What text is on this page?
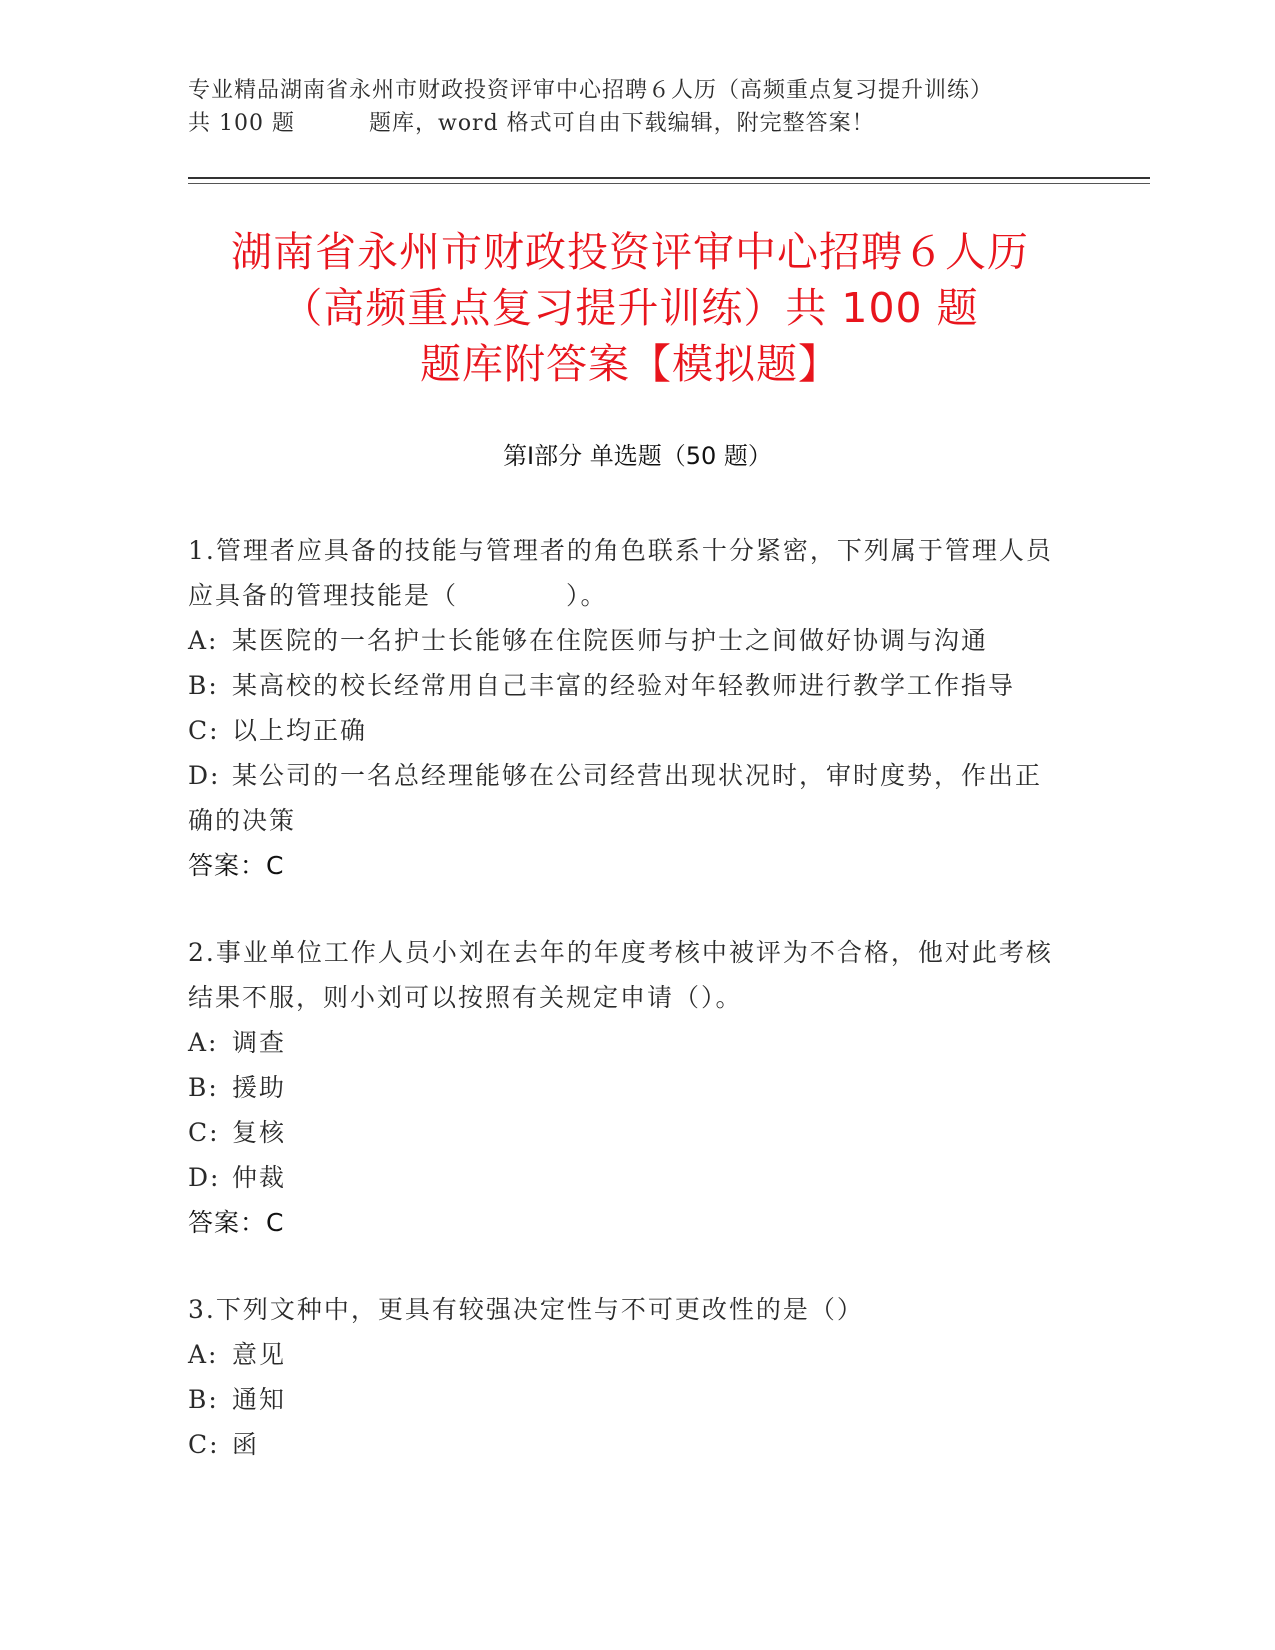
专业精品湖南省永州市财政投资评审中心招聘６人历（高频重点复习提升训练）
共 100 题	题库，word 格式可自由下载编辑，附完整答案！
湖南省永州市财政投资评审中心招聘６人历
（高频重点复习提升训练）共 100 题
题库附答案【模拟题】
第Ⅰ部分 单选题（50 题）
1.管理者应具备的技能与管理者的角色联系十分紧密，下列属于管理人员应具备的管理技能是（　　　　）。
A: 某医院的一名护士长能够在住院医师与护士之间做好协调与沟通
B: 某高校的校长经常用自己丰富的经验对年轻教师进行教学工作指导
C: 以上均正确
D: 某公司的一名总经理能够在公司经营出现状况时，审时度势，作出正确的决策
答案：C
2.事业单位工作人员小刘在去年的年度考核中被评为不合格，他对此考核结果不服，则小刘可以按照有关规定申请（）。
A: 调查
B: 援助
C: 复核
D: 仲裁
答案：C
3.下列文种中，更具有较强决定性与不可更改性的是（）
A: 意见
B: 通知
C: 函
